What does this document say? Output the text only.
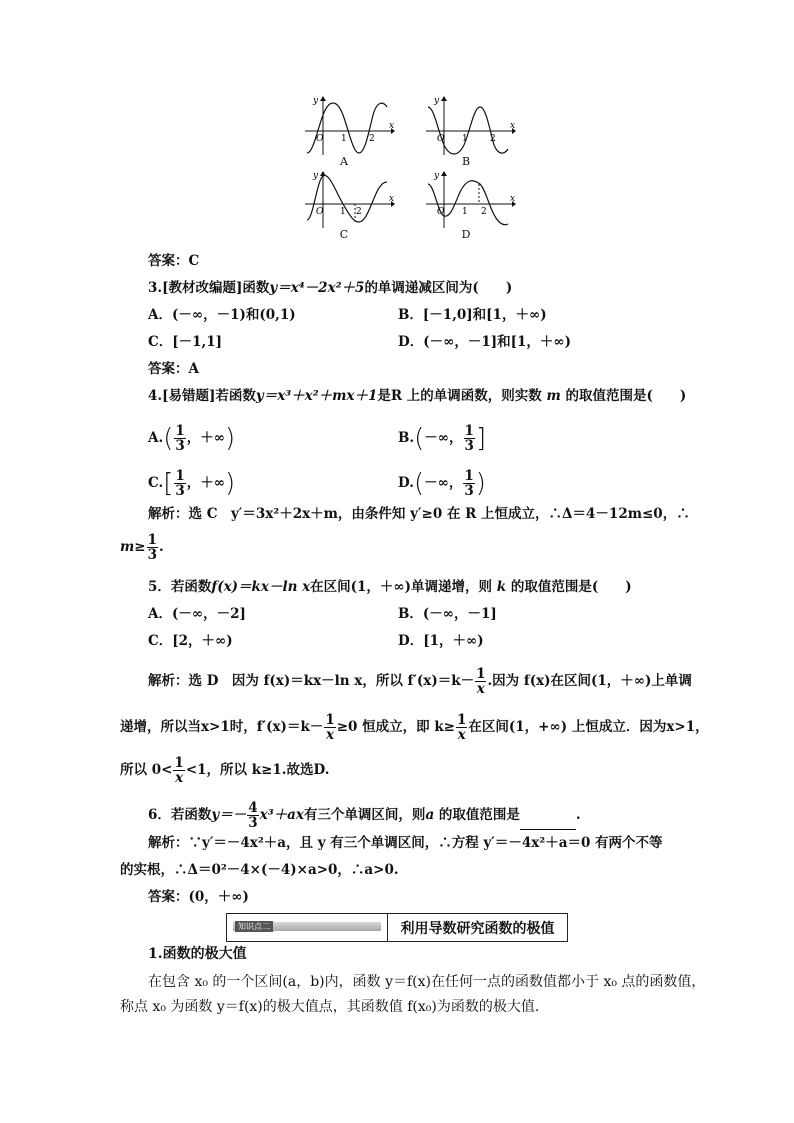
y
x
O 1 2
A
y
x
O 1 2
B
y
x
O 1 2
C
y
x
O 1 2
D
答案：C
3.[教材改编题]函数y＝x⁴－2x²＋5的单调递减区间为(　　)
A．(－∞，－1)和(0,1)	B．[－1,0]和[1，＋∞)
C．[－1,1]	D．(－∞，－1]和[1，＋∞)
答案：A
4.[易错题]若函数y＝x³＋x²＋mx＋1是R 上的单调函数，则实数 m 的取值范围是(　　)
$A.( \frac{1}{3}$ ，＋∞)	B.(－∞， $\frac{1}{3}$ ]
$C.[ \frac{1}{3}$ ，＋∞)	D.(－∞， $\frac{1}{3}$ )
解析：选 C　y′＝3x²＋2x＋m，由条件知 y′≥0 在 R 上恒成立，∴Δ＝4－12m≤0，∴
$m\ge \frac{1}{3}$ .
5．若函数f(x)＝kx－ln x在区间(1，＋∞)单调递增，则 k 的取值范围是(　　)
A．(－∞，－2]	B．(－∞，－1]
C．[2，＋∞)	D．[1，＋∞)
解析：选 D　因为 f(x)＝kx－ln x，所以 $f'(x)=k- \frac{1}{x}$ .因为 f(x)在区间(1，＋∞)上单调
递增，所以当x>1时，$f'(x)=k- \frac{1}{x} \ge 0$ 恒成立，即 $k\ge \frac{1}{x}$ 在区间(1，+∞) 上恒成立．因为x>1，
所以 $0< \frac{1}{x} <1$，所以 k≥1.故选D.
6．若函数$y=- \frac{4}{3} x^3+ax$有三个单调区间，则a 的取值范围是	.
解析：∵y′＝－4x²＋a，且 y 有三个单调区间，∴方程 y′＝－4x²＋a＝0 有两个不等
的实根，∴Δ＝0²－4×(－4)×a>0，∴a>0.
答案：(0，＋∞)
知识点二	利用导数研究函数的极值
1.函数的极大值
在包含 x₀ 的一个区间(a，b)内，函数 y＝f(x)在任何一点的函数值都小于 x₀ 点的函数值，
称点 x₀ 为函数 y＝f(x)的极大值点，其函数值 f(x₀)为函数的极大值.
